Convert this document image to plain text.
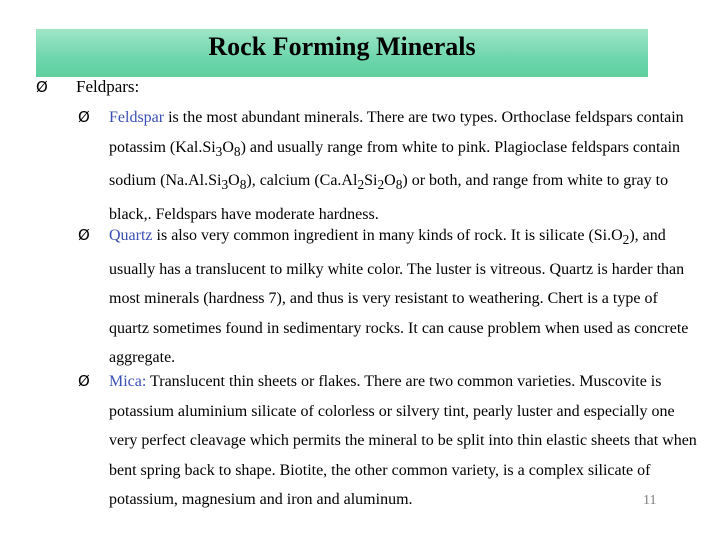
Rock Forming Minerals
Ø Feldpars:
Ø	Feldspar is the most abundant minerals. There are two types. Orthoclase feldspars contain potassim $(Kal.Si_3O_8)$ and usually range from white to pink. Plagioclase feldspars contain sodium $(Na.Al.Si_3O_8)$, calcium $(Ca.Al_2Si_2O_8)$ or both, and range from white to gray to black,. Feldspars have moderate hardness.
Ø	Quartz is also very common ingredient in many kinds of rock. It is silicate $(Si.O_2)$, and usually has a translucent to milky white color. The luster is vitreous. Quartz is harder than most minerals (hardness 7), and thus is very resistant to weathering. Chert is a type of quartz sometimes found in sedimentary rocks. It can cause problem when used as concrete aggregate.
Ø	Mica: Translucent thin sheets or flakes. There are two common varieties. Muscovite is potassium aluminium silicate of colorless or silvery tint, pearly luster and especially one very perfect cleavage which permits the mineral to be split into thin elastic sheets that when bent spring back to shape. Biotite, the other common variety, is a complex silicate of potassium, magnesium and iron and aluminum.	11
